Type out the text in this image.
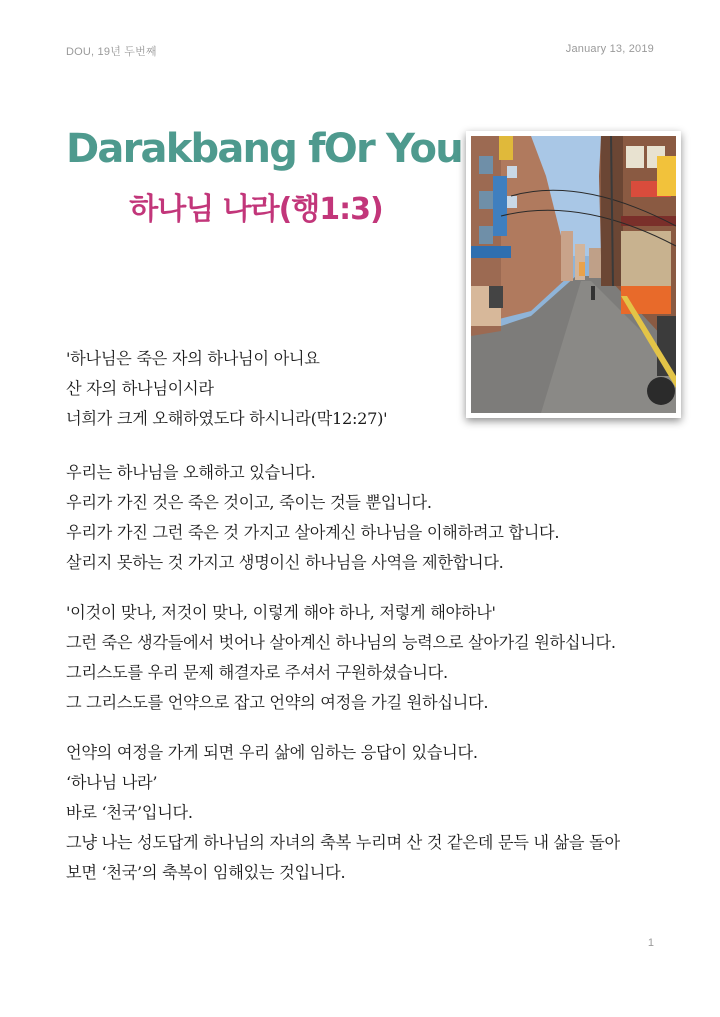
DOU, 19년 두번째	January 13, 2019
Darakbang fOr You
하나님 나라(행1:3)
'하나님은 죽은 자의 하나님이 아니요
산 자의 하나님이시라
너희가 크게 오해하였도다 하시니라(막12:27)'
우리는 하나님을 오해하고 있습니다.
우리가 가진 것은 죽은 것이고, 죽이는 것들 뿐입니다.
우리가 가진 그런 죽은 것 가지고 살아계신 하나님을 이해하려고 합니다.
살리지 못하는 것 가지고 생명이신 하나님을 사역을 제한합니다.
'이것이 맞나, 저것이 맞나, 이렇게 해야 하나, 저렇게 해야하나'
그런 죽은 생각들에서 벗어나 살아계신 하나님의 능력으로 살아가길 원하십니다.
그리스도를 우리 문제 해결자로 주셔서 구원하셨습니다.
그 그리스도를 언약으로 잡고 언약의 여정을 가길 원하십니다.
언약의 여정을 가게 되면 우리 삶에 임하는 응답이 있습니다.
‘하나님 나라’
바로 ‘천국’입니다.
그냥 나는 성도답게 하나님의 자녀의 축복 누리며 산 것 같은데 문득 내 삶을 돌아
보면 ‘천국’의 축복이 임해있는 것입니다.
1
